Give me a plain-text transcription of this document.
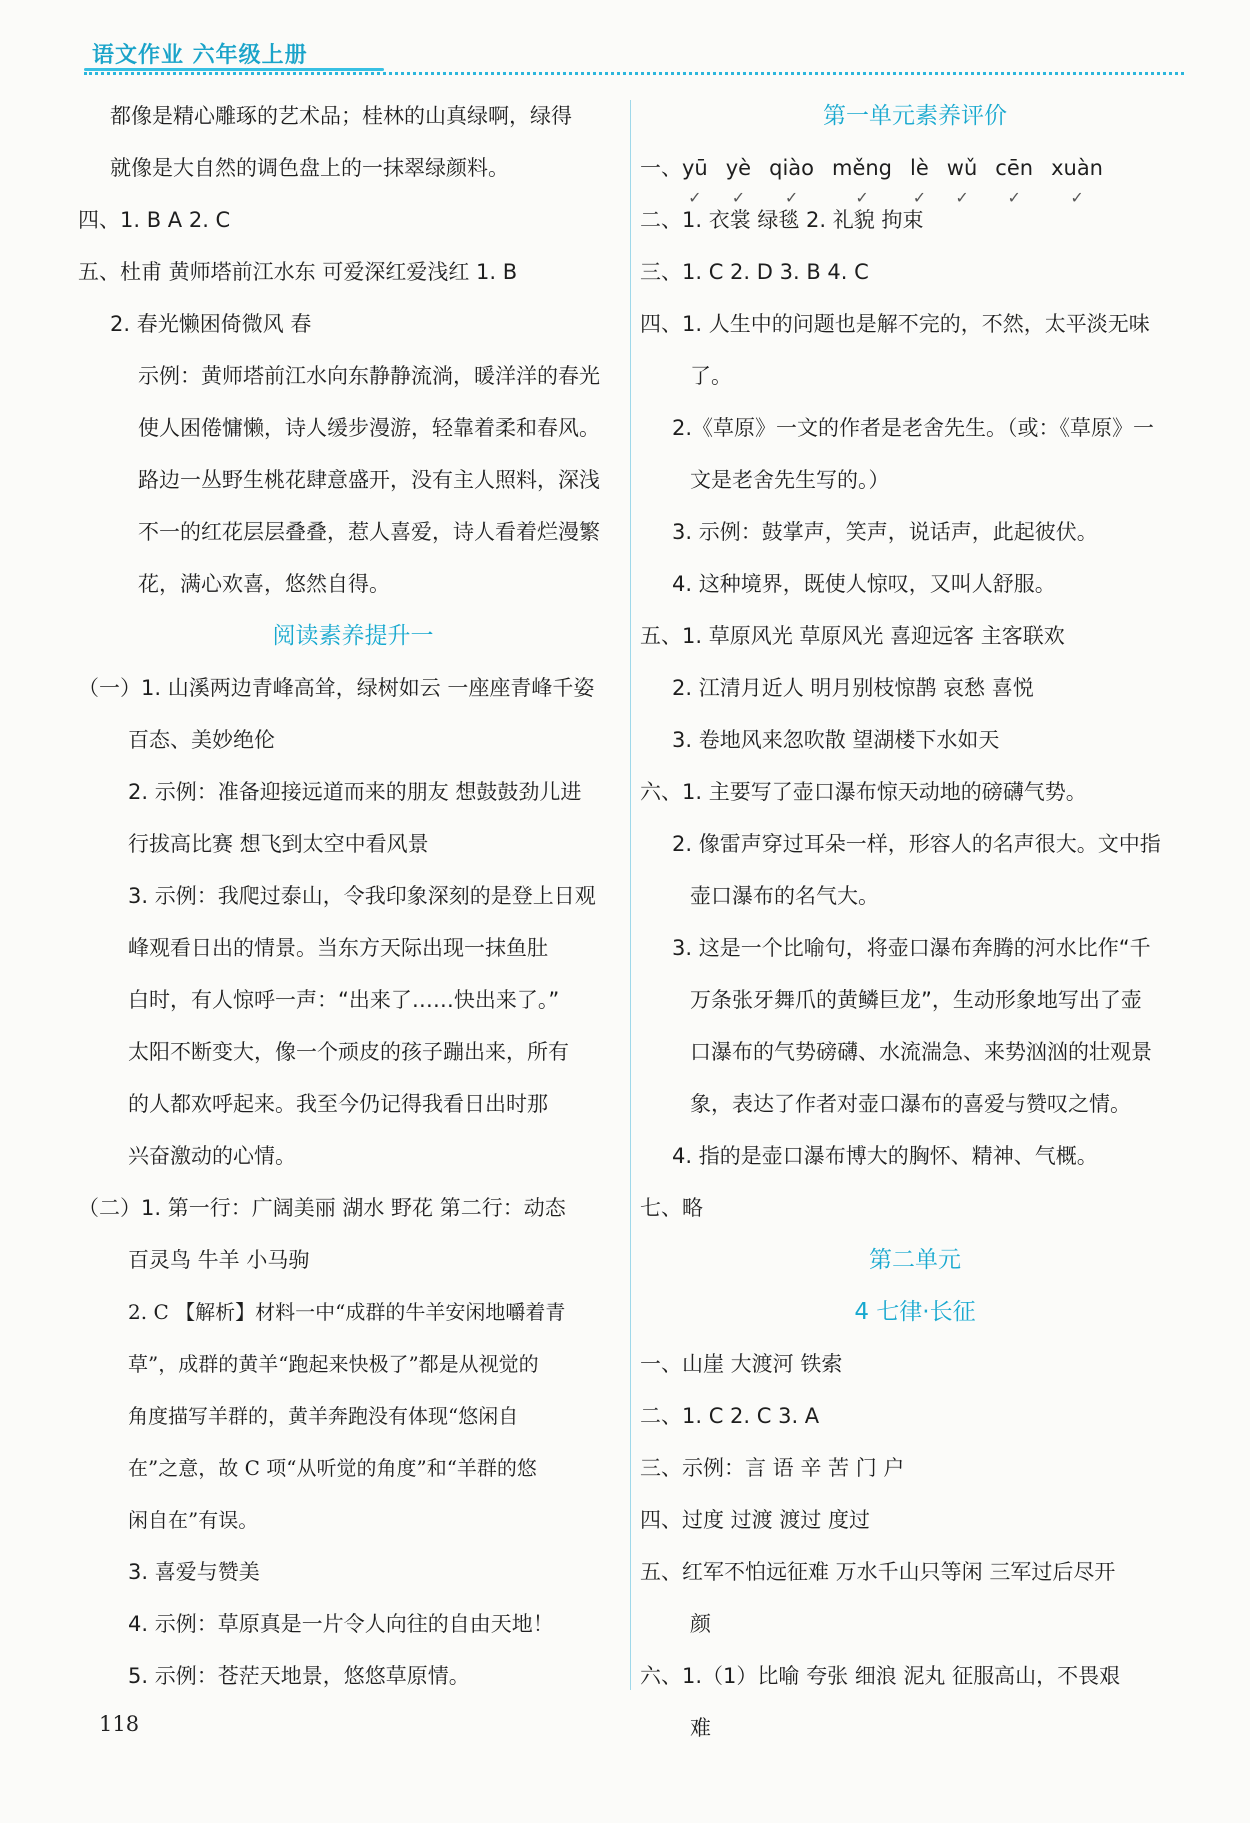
语文作业 六年级上册
都像是精心雕琢的艺术品；桂林的山真绿啊，绿得
就像是大自然的调色盘上的一抹翠绿颜料。
四、1. B A 2. C
五、杜甫 黄师塔前江水东 可爱深红爱浅红 1. B
2. 春光懒困倚微风 春
示例：黄师塔前江水向东静静流淌，暖洋洋的春光
使人困倦慵懒，诗人缓步漫游，轻靠着柔和春风。
路边一丛野生桃花肆意盛开，没有主人照料，深浅
不一的红花层层叠叠，惹人喜爱，诗人看着烂漫繁
花，满心欢喜，悠然自得。
阅读素养提升一
（一）1. 山溪两边青峰高耸，绿树如云 一座座青峰千姿
百态、美妙绝伦
2. 示例：准备迎接远道而来的朋友 想鼓鼓劲儿进
行拔高比赛 想飞到太空中看风景
3. 示例：我爬过泰山，令我印象深刻的是登上日观
峰观看日出的情景。当东方天际出现一抹鱼肚
白时，有人惊呼一声：“出来了……快出来了。”
太阳不断变大，像一个顽皮的孩子蹦出来，所有
的人都欢呼起来。我至今仍记得我看日出时那
兴奋激动的心情。
（二）1. 第一行：广阔美丽 湖水 野花 第二行：动态
百灵鸟 牛羊 小马驹
2. C 【解析】材料一中“成群的牛羊安闲地嚼着青
草”，成群的黄羊“跑起来快极了”都是从视觉的
角度描写羊群的，黄羊奔跑没有体现“悠闲自
在”之意，故 C 项“从听觉的角度”和“羊群的悠
闲自在”有误。
3. 喜爱与赞美
4. 示例：草原真是一片令人向往的自由天地！
5. 示例：苍茫天地景，悠悠草原情。
第一单元素养评价
一、yū
✓
yè
✓
qiào
✓
měng
✓
lè
✓
wǔ
✓
cēn
✓
xuàn
✓
二、1. 衣裳 绿毯 2. 礼貌 拘束
三、1. C 2. D 3. B 4. C
四、1. 人生中的问题也是解不完的，不然，太平淡无味
了。
2.《草原》一文的作者是老舍先生。（或：《草原》一
文是老舍先生写的。）
3. 示例：鼓掌声，笑声，说话声，此起彼伏。
4. 这种境界，既使人惊叹，又叫人舒服。
五、1. 草原风光 草原风光 喜迎远客 主客联欢
2. 江清月近人 明月别枝惊鹊 哀愁 喜悦
3. 卷地风来忽吹散 望湖楼下水如天
六、1. 主要写了壶口瀑布惊天动地的磅礴气势。
2. 像雷声穿过耳朵一样，形容人的名声很大。文中指
壶口瀑布的名气大。
3. 这是一个比喻句，将壶口瀑布奔腾的河水比作“千
万条张牙舞爪的黄鳞巨龙”，生动形象地写出了壶
口瀑布的气势磅礴、水流湍急、来势汹汹的壮观景
象，表达了作者对壶口瀑布的喜爱与赞叹之情。
4. 指的是壶口瀑布博大的胸怀、精神、气概。
七、略
第二单元
4 七律·长征
一、山崖 大渡河 铁索
二、1. C 2. C 3. A
三、示例：言 语 辛 苦 门 户
四、过度 过渡 渡过 度过
五、红军不怕远征难 万水千山只等闲 三军过后尽开
颜
六、1.（1）比喻 夸张 细浪 泥丸 征服高山，不畏艰
难
118
